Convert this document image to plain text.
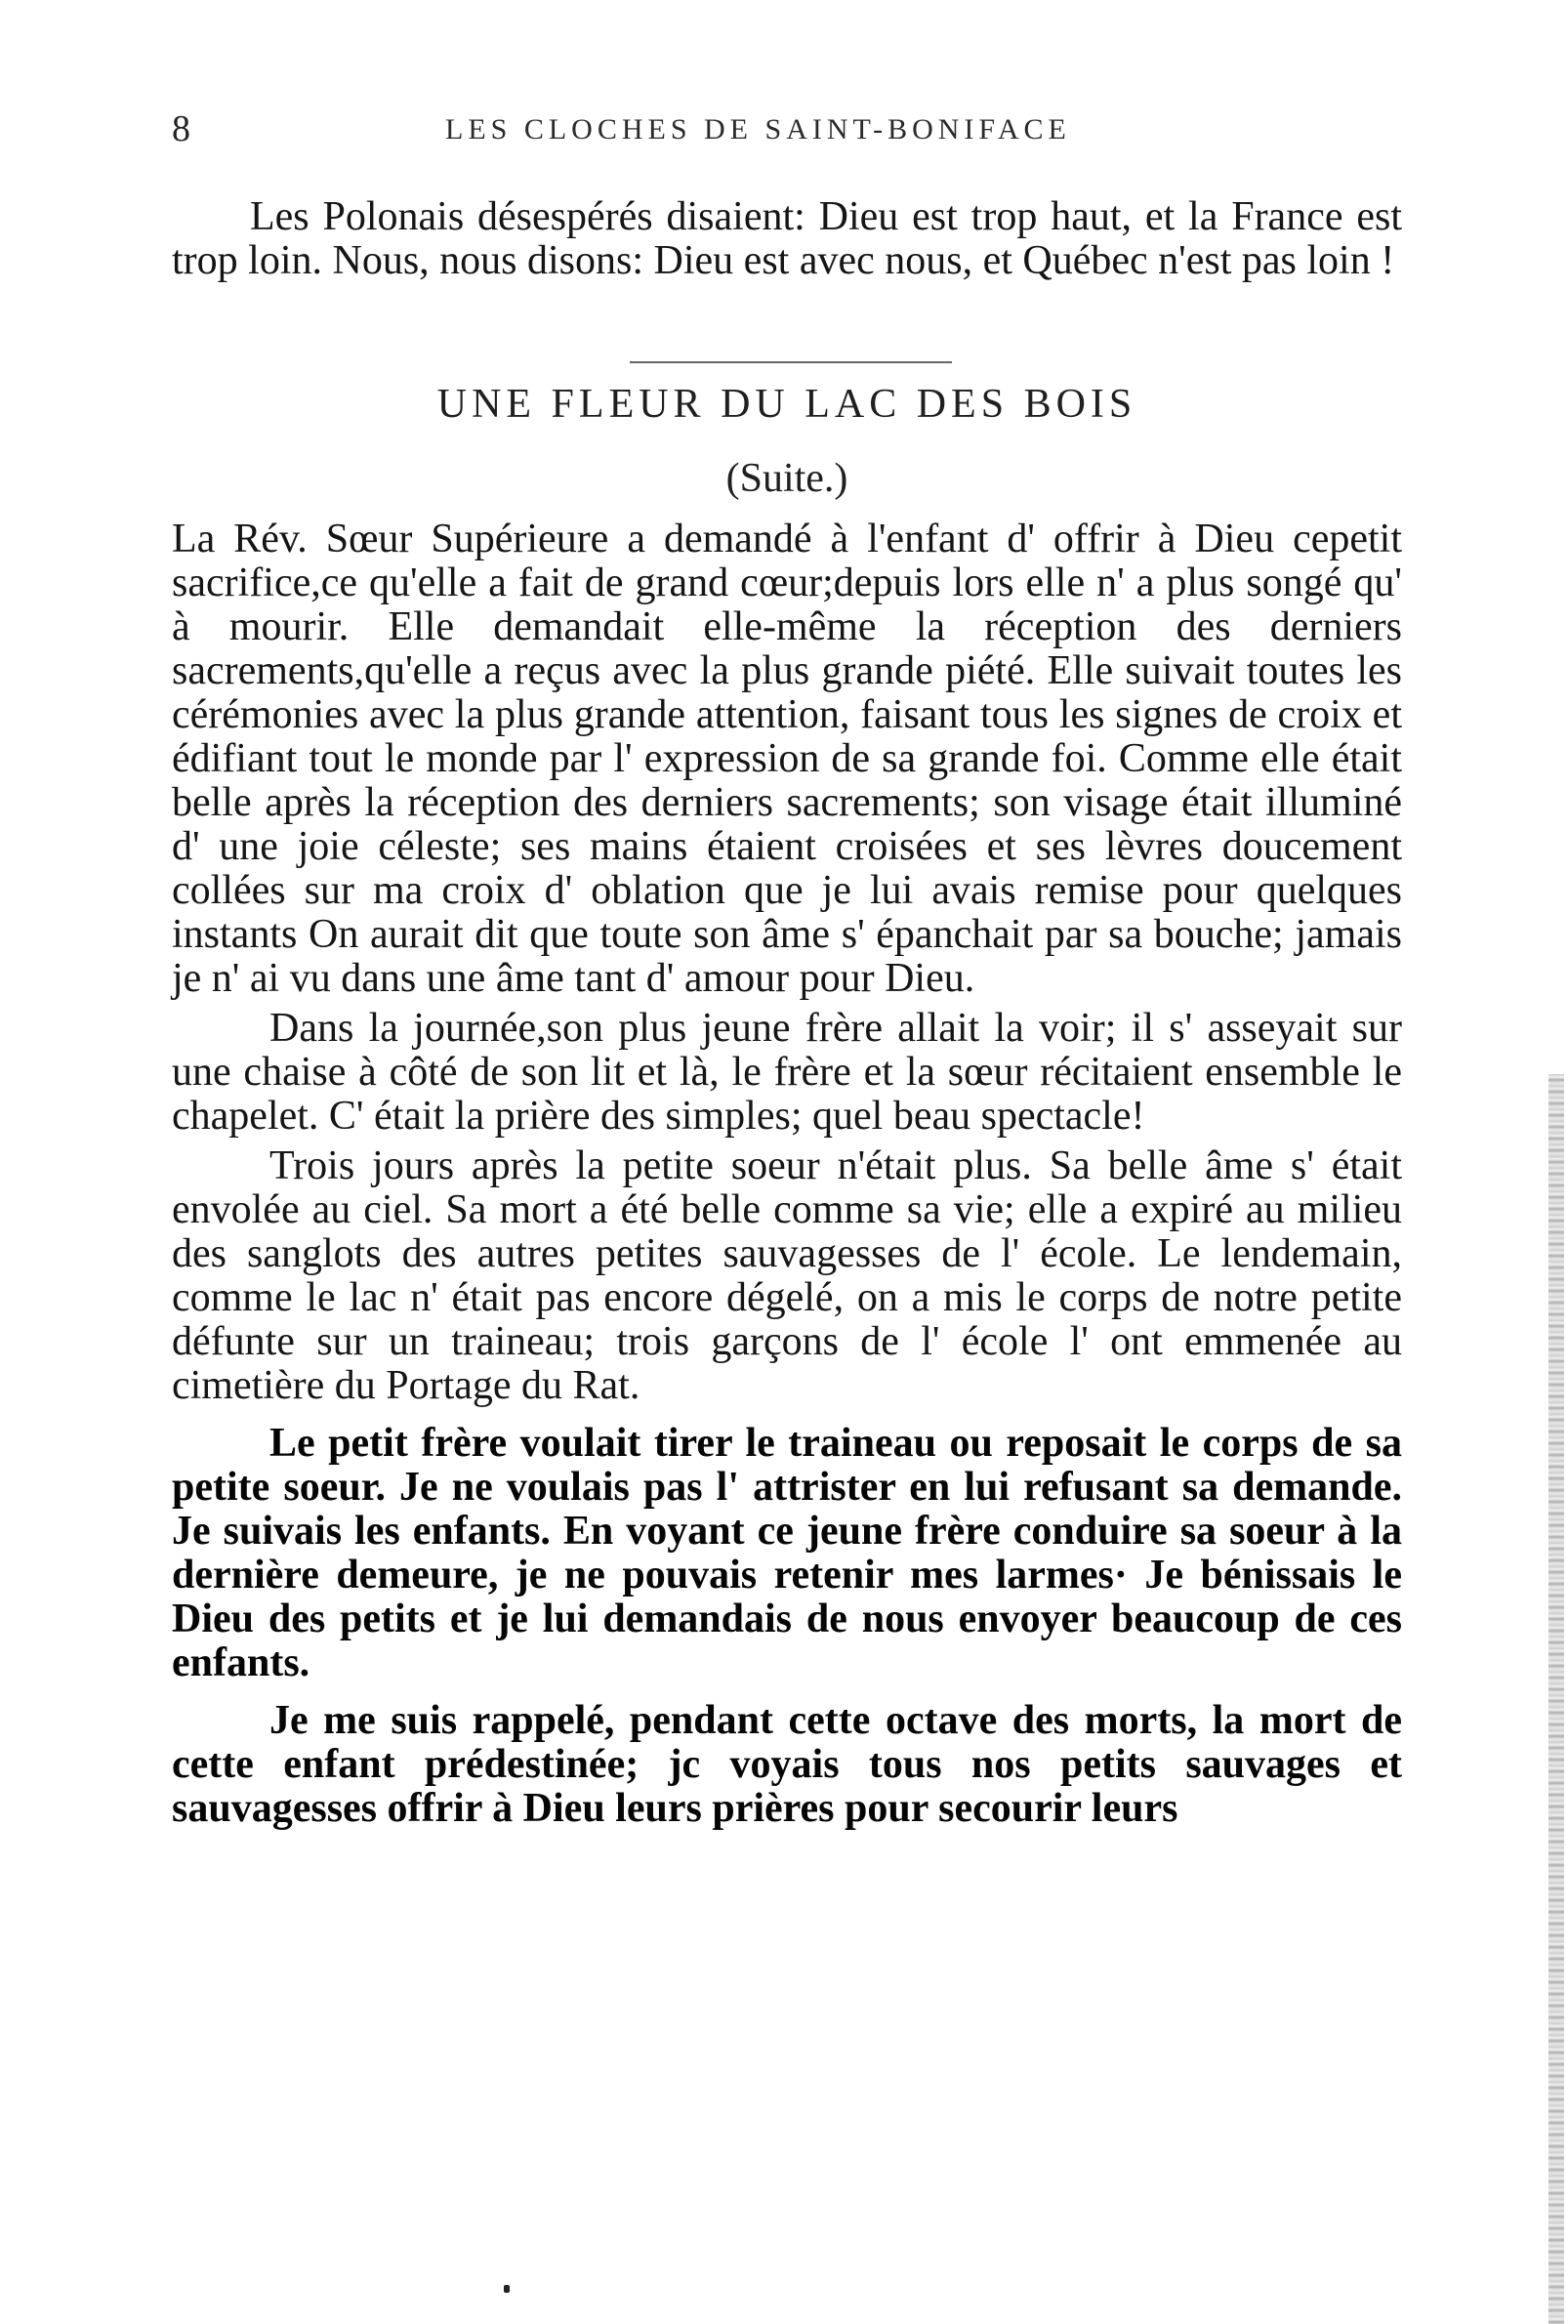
8	LES CLOCHES DE SAINT-BONIFACE

Les Polonais désespérés disaient: Dieu est trop haut, et la France est trop loin. Nous, nous disons: Dieu est avec nous, et Québec n'est pas loin !

UNE FLEUR DU LAC DES BOIS
(Suite.)

La Rév. Sœur Supérieure a demandé à l'enfant d' offrir à Dieu cepetit sacrifice,ce qu'elle a fait de grand cœur;depuis lors elle n' a plus songé qu' à mourir. Elle demandait elle-même la réception des derniers sacrements,qu'elle a reçus avec la plus grande piété. Elle suivait toutes les cérémonies avec la plus grande attention, faisant tous les signes de croix et édifiant tout le monde par l' expression de sa grande foi. Comme elle était belle après la réception des derniers sacrements; son visage était illuminé d' une joie céleste; ses mains étaient croisées et ses lèvres doucement collées sur ma croix d' oblation que je lui avais remise pour quelques instants On aurait dit que toute son âme s' épanchait par sa bouche; jamais je n' ai vu dans une âme tant d' amour pour Dieu.

Dans la journée,son plus jeune frère allait la voir; il s' asseyait sur une chaise à côté de son lit et là, le frère et la sœur récitaient ensemble le chapelet. C' était la prière des simples; quel beau spectacle!

Trois jours après la petite soeur n'était plus. Sa belle âme s' était envolée au ciel. Sa mort a été belle comme sa vie; elle a expiré au milieu des sanglots des autres petites sauvagesses de l' école. Le lendemain, comme le lac n' était pas encore dégelé, on a mis le corps de notre petite défunte sur un traineau; trois garçons de l' école l' ont emmenée au cimetière du Portage du Rat.

Le petit frère voulait tirer le traineau ou reposait le corps de sa petite soeur. Je ne voulais pas l' attrister en lui refusant sa demande. Je suivais les enfants. En voyant ce jeune frère conduire sa soeur à la dernière demeure, je ne pouvais retenir mes larmes· Je bénissais le Dieu des petits et je lui demandais de nous envoyer beaucoup de ces enfants.

Je me suis rappelé, pendant cette octave des morts, la mort de cette enfant prédestinée; jc voyais tous nos petits sauvages et sauvagesses offrir à Dieu leurs prières pour secourir leurs
